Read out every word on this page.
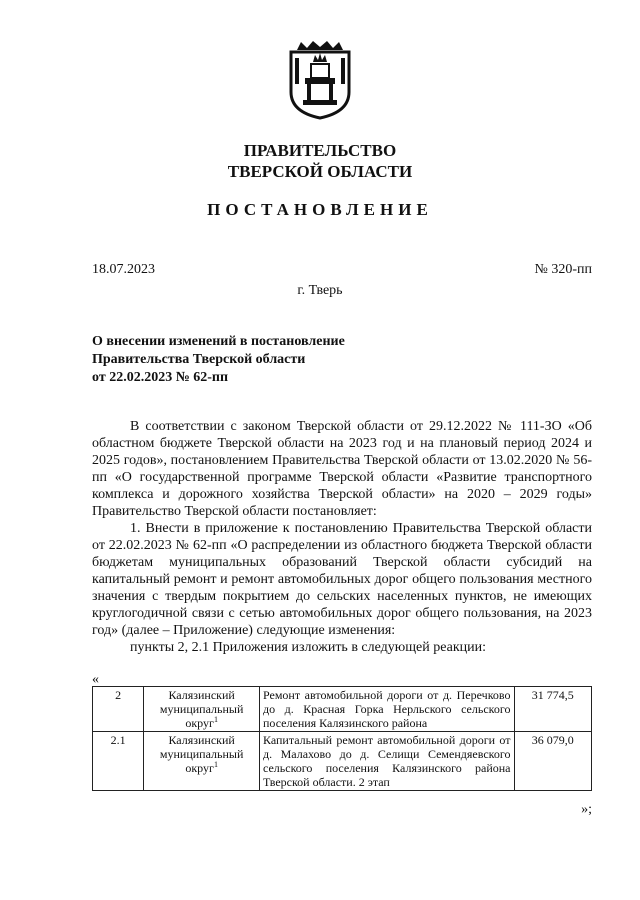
ПРАВИТЕЛЬСТВО
ТВЕРСКОЙ ОБЛАСТИ
ПОСТАНОВЛЕНИЕ
18.07.2023	№ 320-пп
г. Тверь
О внесении изменений в постановление
Правительства Тверской области
от 22.02.2023 № 62-пп

В соответствии с законом Тверской области от 29.12.2022 № 111-ЗО «Об областном бюджете Тверской области на 2023 год и на плановый период 2024 и 2025 годов», постановлением Правительства Тверской области от 13.02.2020 № 56-пп «О государственной программе Тверской области «Развитие транспортного комплекса и дорожного хозяйства Тверской области» на 2020 – 2029 годы» Правительство Тверской области постановляет:

1. Внести в приложение к постановлению Правительства Тверской области от 22.02.2023 № 62-пп «О распределении из областного бюджета Тверской области бюджетам муниципальных образований Тверской области субсидий на капитальный ремонт и ремонт автомобильных дорог общего пользования местного значения с твердым покрытием до сельских населенных пунктов, не имеющих круглогодичной связи с сетью автомобильных дорог общего пользования, на 2023 год» (далее – Приложение) следующие изменения:

пункты 2, 2.1 Приложения изложить в следующей реакции:

«
2	Калязинский муниципальный округ$^1$	Ремонт автомобильной дороги от д. Перечково до д. Красная Горка Нерльского сельского поселения Калязинского района	31 774,5
2.1	Калязинский муниципальный округ$^1$	Капитальный ремонт автомобильной дороги от д. Малахово до д. Селищи Семендяевского сельского поселения Калязинского района Тверской области. 2 этап	36 079,0
»;
